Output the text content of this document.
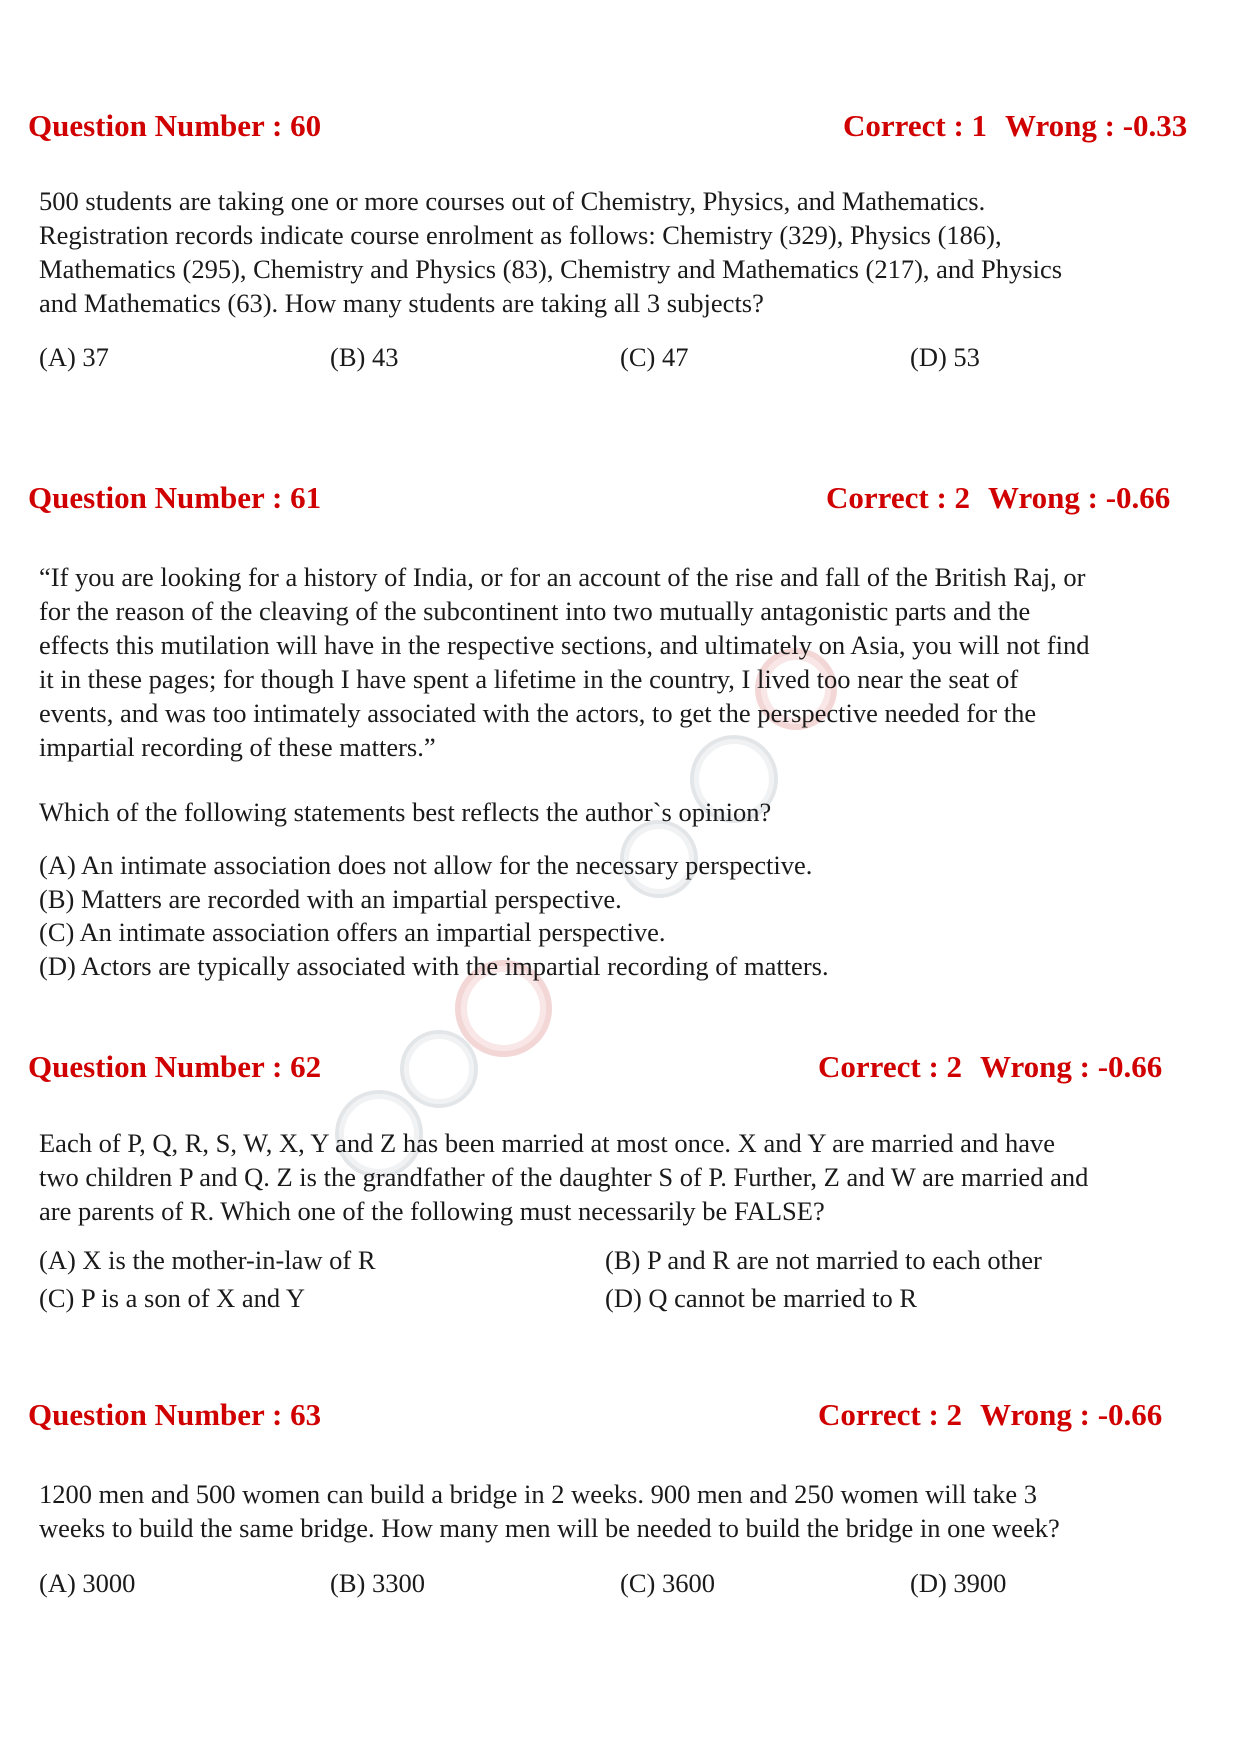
Question Number : 60	Correct : 1 Wrong : -0.33
500 students are taking one or more courses out of Chemistry, Physics, and Mathematics.
Registration records indicate course enrolment as follows: Chemistry (329), Physics (186),
Mathematics (295), Chemistry and Physics (83), Chemistry and Mathematics (217), and Physics
and Mathematics (63). How many students are taking all 3 subjects?
(A) 37	(B) 43	(C) 47	(D) 53
Question Number : 61	Correct : 2 Wrong : -0.66
“If you are looking for a history of India, or for an account of the rise and fall of the British Raj, or
for the reason of the cleaving of the subcontinent into two mutually antagonistic parts and the
effects this mutilation will have in the respective sections, and ultimately on Asia, you will not find
it in these pages; for though I have spent a lifetime in the country, I lived too near the seat of
events, and was too intimately associated with the actors, to get the perspective needed for the
impartial recording of these matters.”
Which of the following statements best reflects the author`s opinion?
(A) An intimate association does not allow for the necessary perspective.
(B) Matters are recorded with an impartial perspective.
(C) An intimate association offers an impartial perspective.
(D) Actors are typically associated with the impartial recording of matters.
Question Number : 62	Correct : 2 Wrong : -0.66
Each of P, Q, R, S, W, X, Y and Z has been married at most once. X and Y are married and have
two children P and Q. Z is the grandfather of the daughter S of P. Further, Z and W are married and
are parents of R. Which one of the following must necessarily be FALSE?
(A) X is the mother-in-law of R	(B) P and R are not married to each other
(C) P is a son of X and Y	(D) Q cannot be married to R
Question Number : 63	Correct : 2 Wrong : -0.66
1200 men and 500 women can build a bridge in 2 weeks. 900 men and 250 women will take 3
weeks to build the same bridge. How many men will be needed to build the bridge in one week?
(A) 3000	(B) 3300	(C) 3600	(D) 3900
